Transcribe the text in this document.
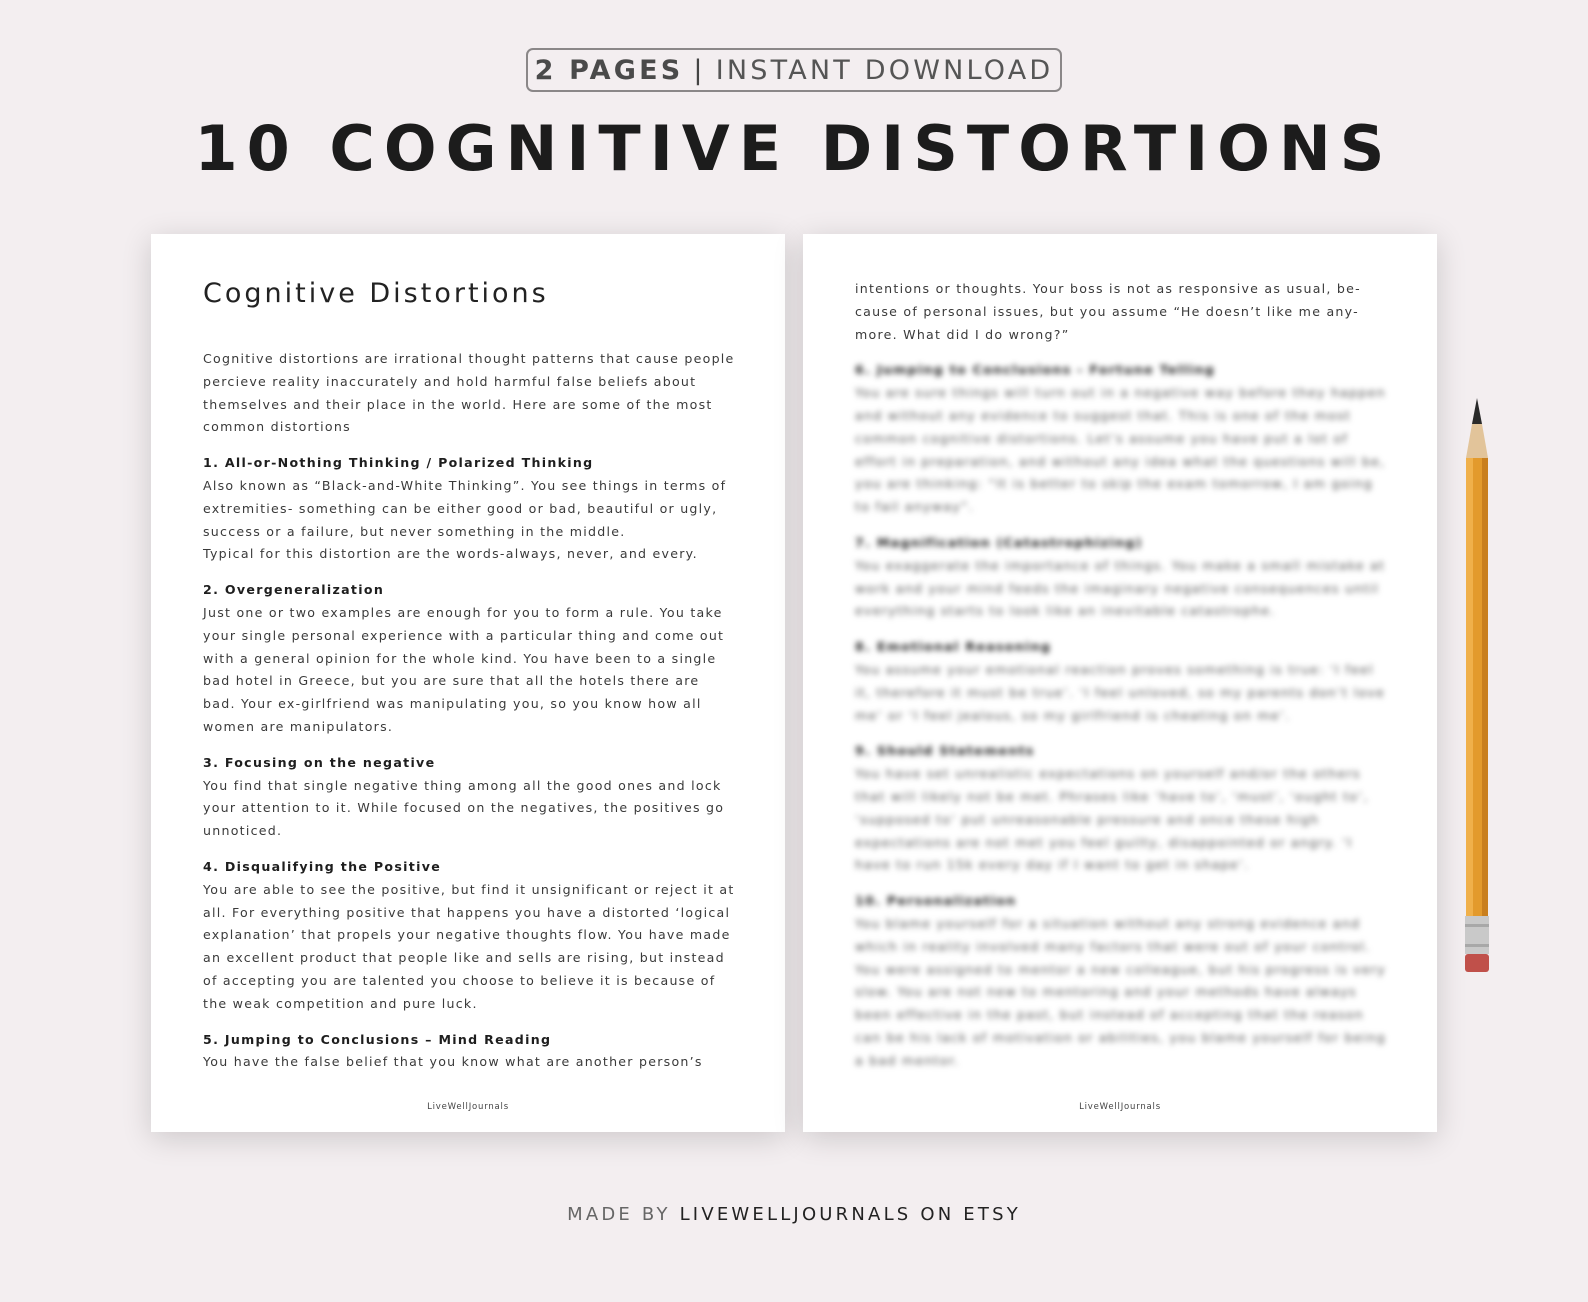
2 PAGES | INSTANT DOWNLOAD
10 COGNITIVE DISTORTIONS
Cognitive Distortions

Cognitive distortions are irrational thought patterns that cause people percieve reality inaccurately and hold harmful false beliefs about themselves and their place in the world. Here are some of the most common distortions

1. All-or-Nothing Thinking / Polarized Thinking
Also known as “Black-and-White Thinking”. You see things in terms of extremities- something can be either good or bad, beautiful or ugly, success or a failure, but never something in the middle.
Typical for this distortion are the words-always, never, and every.
2. Overgeneralization
Just one or two examples are enough for you to form a rule. You take your single personal experience with a particular thing and come out with a general opinion for the whole kind. You have been to a single bad hotel in Greece, but you are sure that all the hotels there are bad. Your ex-girlfriend was manipulating you, so you know how all women are manipulators.
3. Focusing on the negative
You find that single negative thing among all the good ones and lock your attention to it. While focused on the negatives, the positives go unnoticed.
4. Disqualifying the Positive
You are able to see the positive, but find it unsignificant or reject it at all. For everything positive that happens you have a distorted ‘logical explanation’ that propels your negative thoughts flow. You have made an excellent product that people like and sells are rising, but instead of accepting you are talented you choose to believe it is because of the weak competition and pure luck.
5. Jumping to Conclusions – Mind Reading
You have the false belief that you know what are another person’s
LiveWellJournals

intentions or thoughts. Your boss is not as responsive as usual, be-cause of personal issues, but you assume “He doesn’t like me any-more. What did I do wrong?”

6. Jumping to Conclusions - Fortune Telling
You are sure things will turn out in a negative way before they happen and without any evidence to suggest that. This is one of the most common cognitive distortions. Let’s assume you have put a lot of effort in preparation, and without any idea what the questions will be, you are thinking: “It is better to skip the exam tomorrow, I am going to fail anyway”.
7. Magnification (Catastrophizing)
You exaggerate the importance of things. You make a small mistake at work and your mind feeds the imaginary negative consequences until everything starts to look like an inevitable catastrophe.
8. Emotional Reasoning
You assume your emotional reaction proves something is true: ‘I feel it, therefore it must be true’. ‘I feel unloved, so my parents don’t love me’ or ‘I feel jealous, so my girlfriend is cheating on me’.
9. Should Statements
You have set unrealistic expectations on yourself and/or the others that will likely not be met. Phrases like ‘have to’, ‘must’, ‘ought to’, ‘supposed to’ put unreasonable pressure and once these high expectations are not met you feel guilty, disappointed or angry. ‘I have to run 15k every day if I want to get in shape’.
10. Personalization
You blame yourself for a situation without any strong evidence and which in reality involved many factors that were out of your control. You were assigned to mentor a new colleague, but his progress is very slow. You are not new to mentoring and your methods have always been effective in the past, but instead of accepting that the reason can be his lack of motivation or abilities, you blame yourself for being a bad mentor.
LiveWellJournals
MADE BY LIVEWELLJOURNALS ON ETSY
